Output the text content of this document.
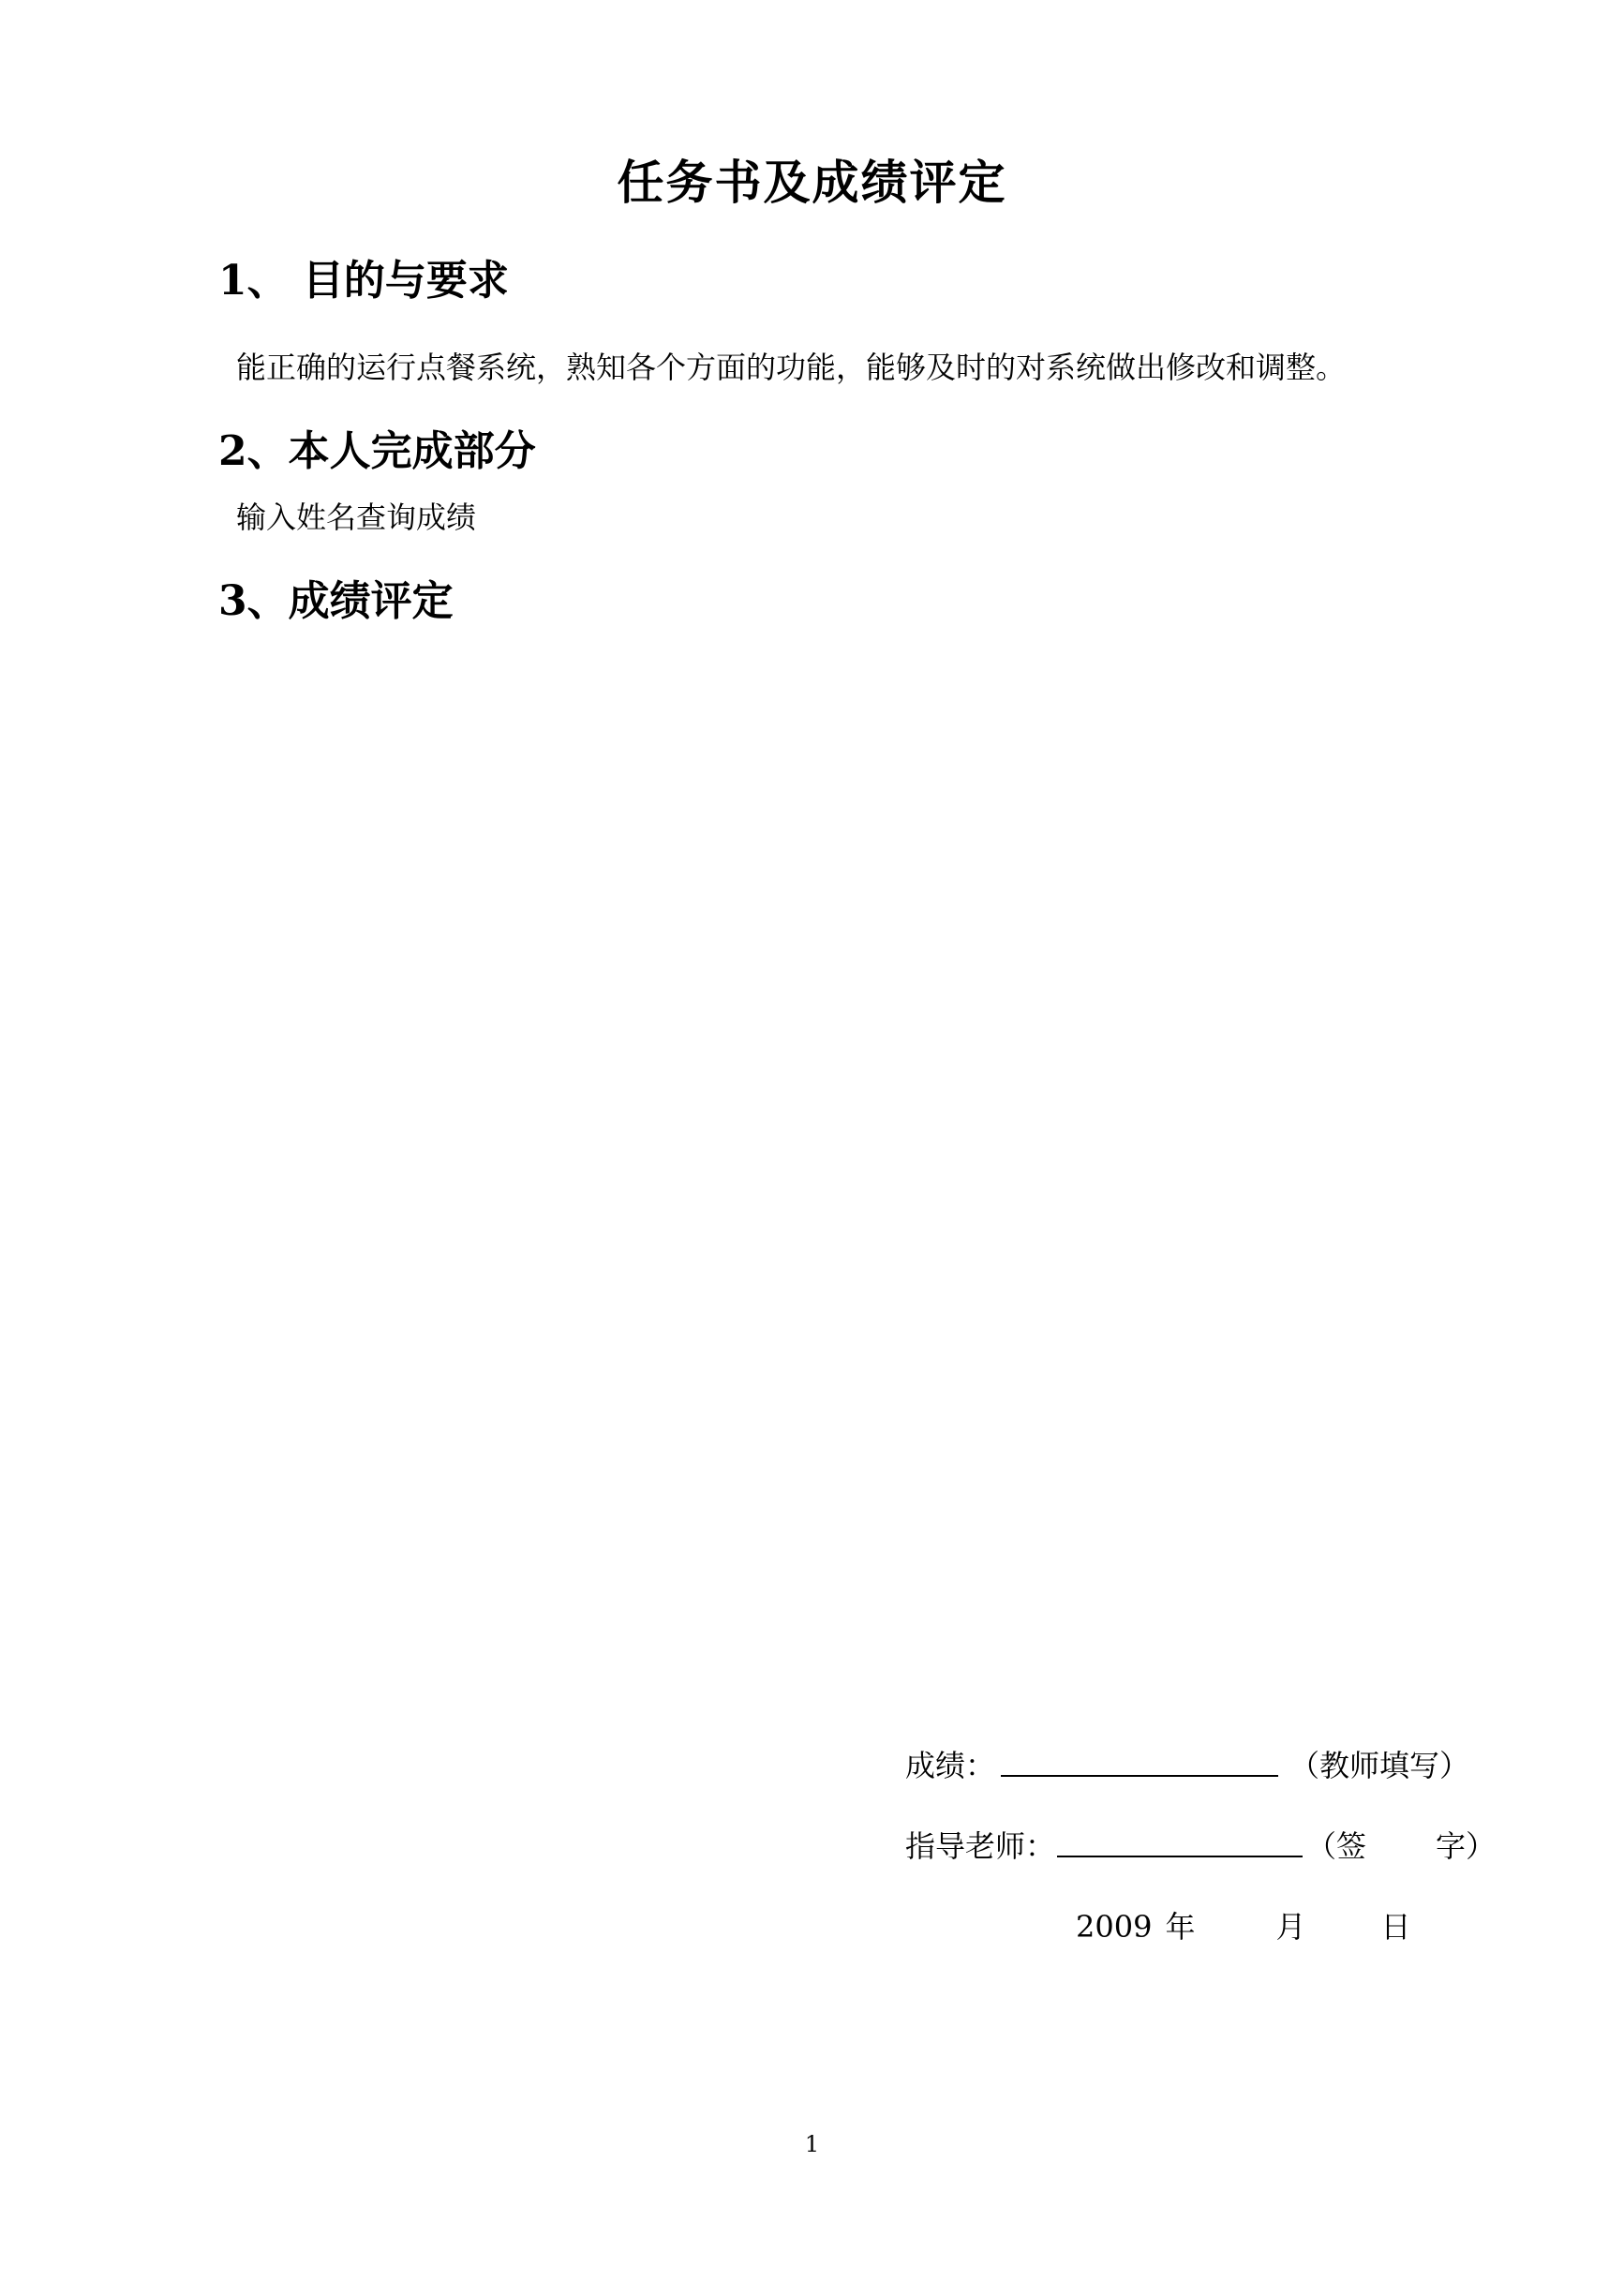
任务书及成绩评定
1、 目的与要求
能正确的运行点餐系统，熟知各个方面的功能，能够及时的对系统做出修改和调整。
2、本人完成部分
输入姓名查询成绩
3、成绩评定
成绩：	（教师填写）
指导老师：	（签 字）
2009 年	月	日
1
